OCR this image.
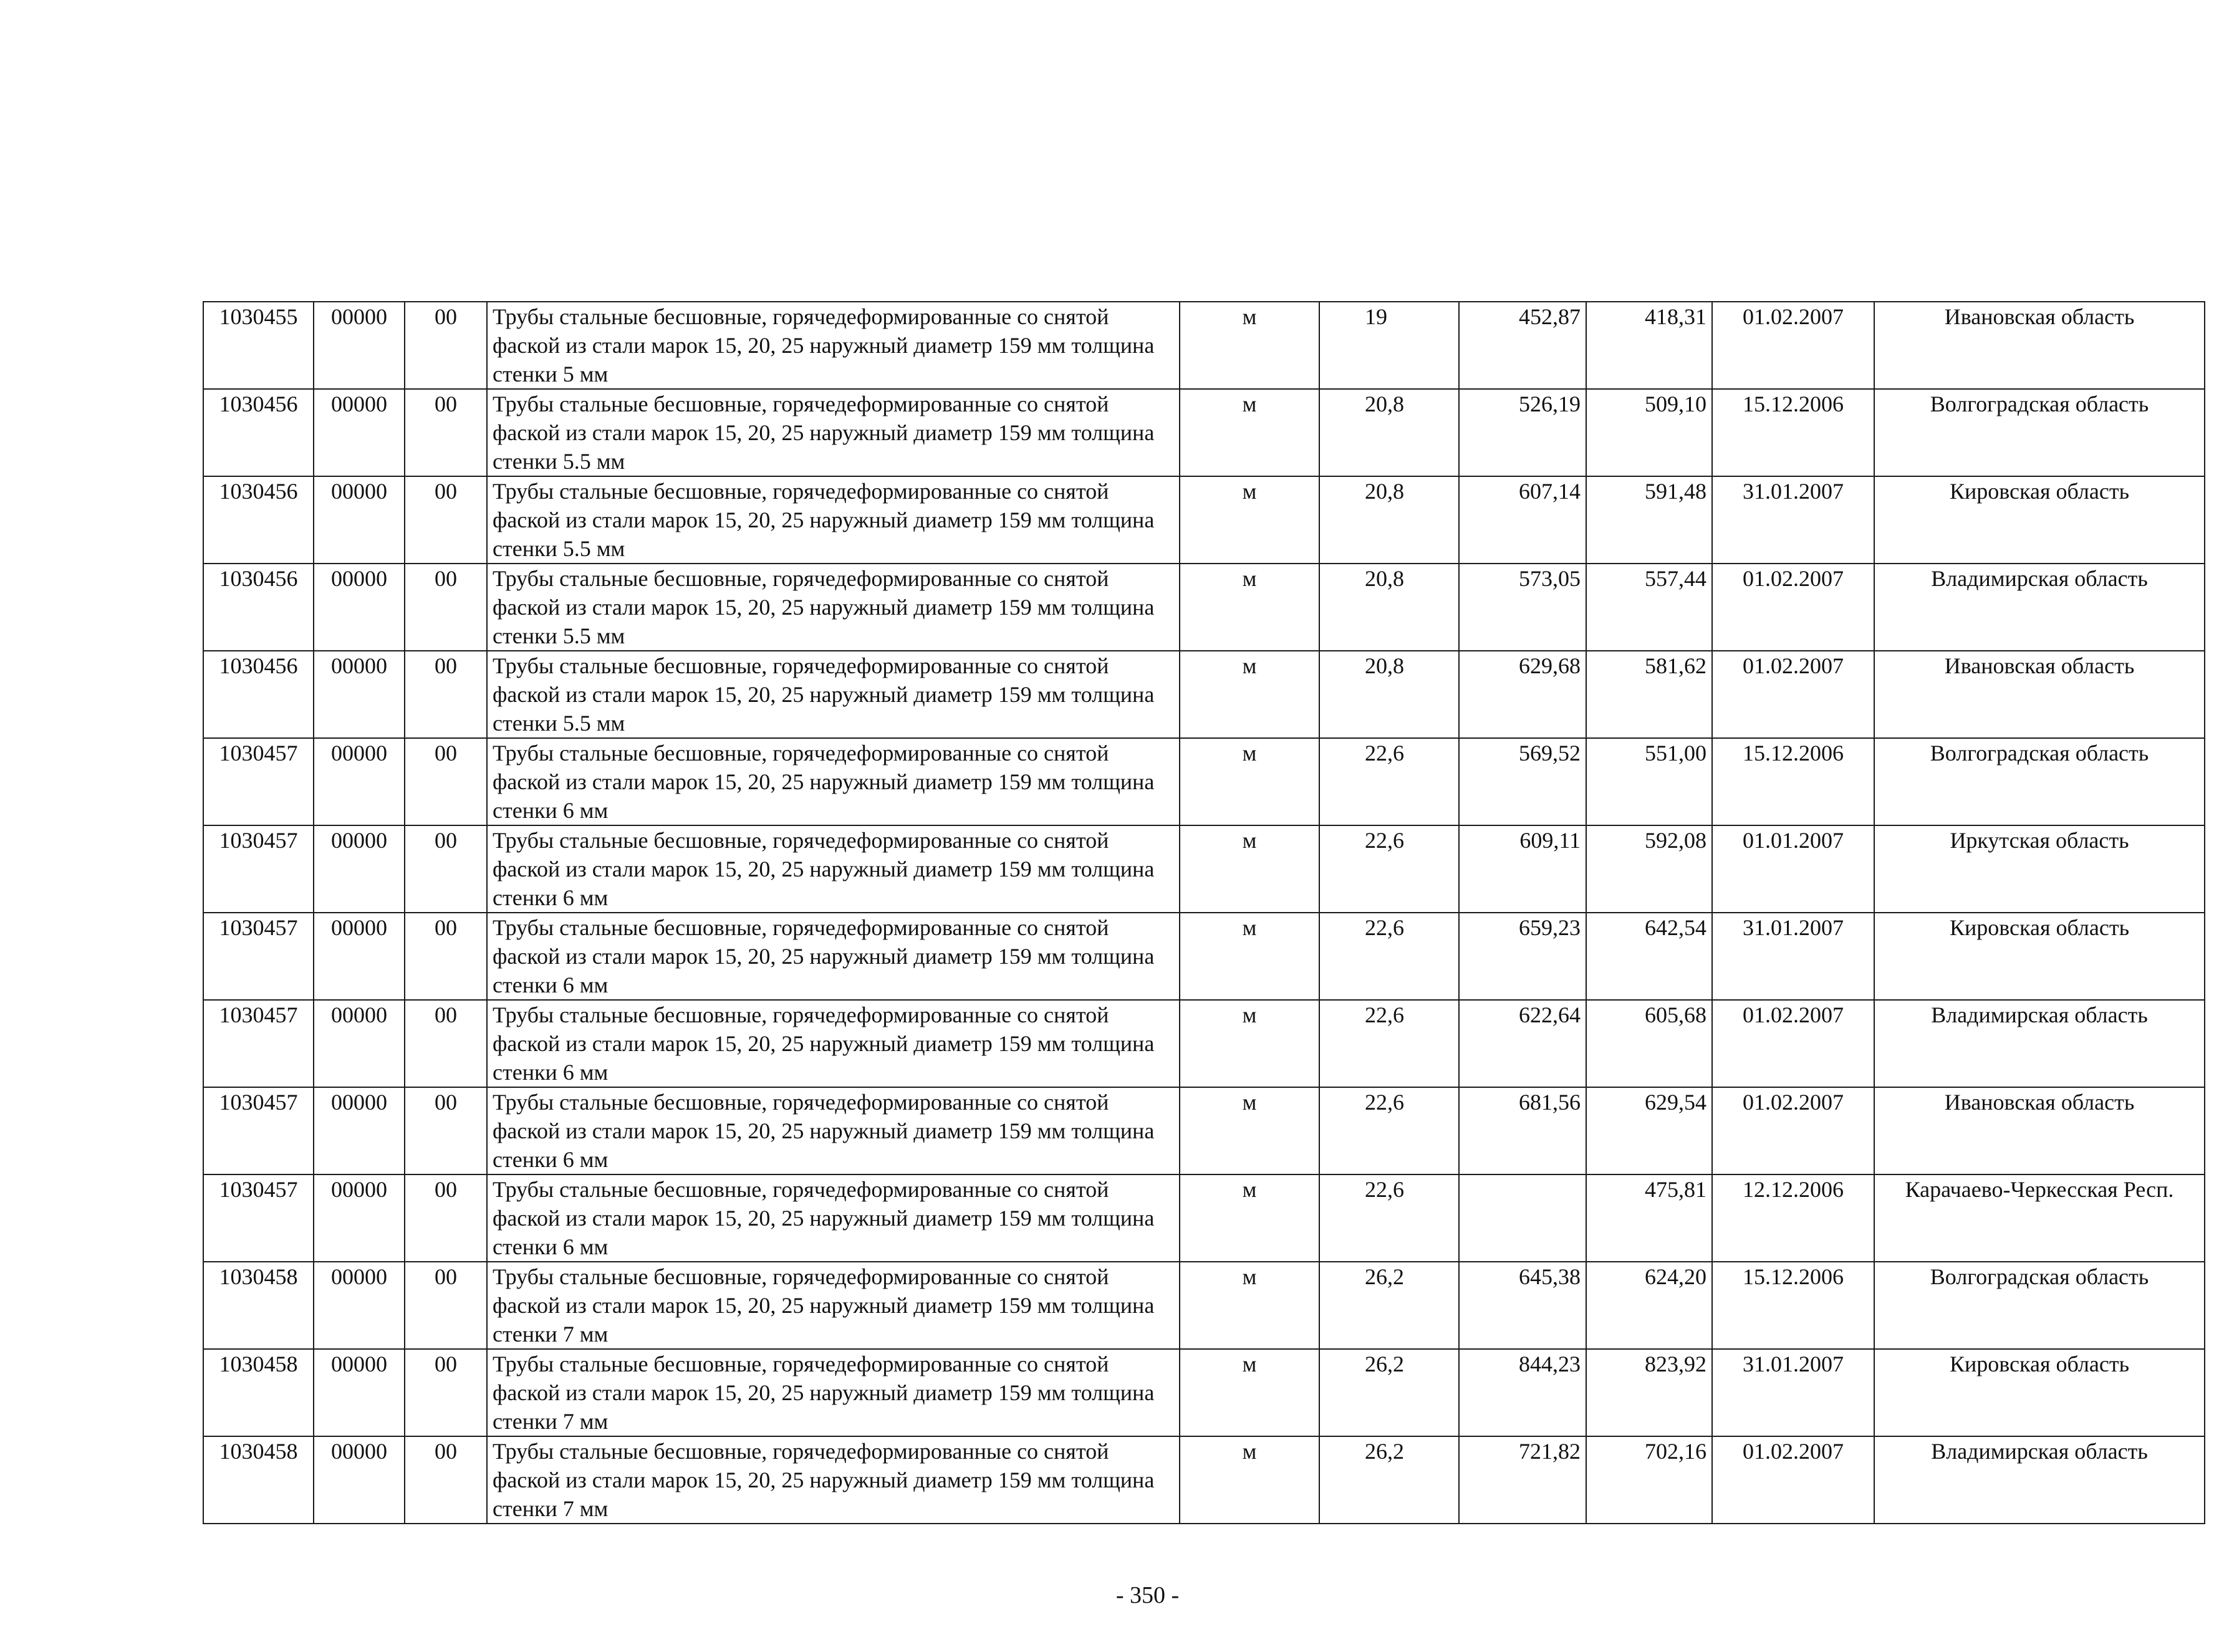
1030455	00000	00	Трубы стальные бесшовные, горячедеформированные со снятой фаской из стали марок 15, 20, 25 наружный диаметр 159 мм толщина стенки 5 мм	м	19	452,87	418,31	01.02.2007	Ивановская область
1030456	00000	00	Трубы стальные бесшовные, горячедеформированные со снятой фаской из стали марок 15, 20, 25 наружный диаметр 159 мм толщина стенки 5.5 мм	м	20,8	526,19	509,10	15.12.2006	Волгоградская область
1030456	00000	00	Трубы стальные бесшовные, горячедеформированные со снятой фаской из стали марок 15, 20, 25 наружный диаметр 159 мм толщина стенки 5.5 мм	м	20,8	607,14	591,48	31.01.2007	Кировская область
1030456	00000	00	Трубы стальные бесшовные, горячедеформированные со снятой фаской из стали марок 15, 20, 25 наружный диаметр 159 мм толщина стенки 5.5 мм	м	20,8	573,05	557,44	01.02.2007	Владимирская область
1030456	00000	00	Трубы стальные бесшовные, горячедеформированные со снятой фаской из стали марок 15, 20, 25 наружный диаметр 159 мм толщина стенки 5.5 мм	м	20,8	629,68	581,62	01.02.2007	Ивановская область
1030457	00000	00	Трубы стальные бесшовные, горячедеформированные со снятой фаской из стали марок 15, 20, 25 наружный диаметр 159 мм толщина стенки 6 мм	м	22,6	569,52	551,00	15.12.2006	Волгоградская область
1030457	00000	00	Трубы стальные бесшовные, горячедеформированные со снятой фаской из стали марок 15, 20, 25 наружный диаметр 159 мм толщина стенки 6 мм	м	22,6	609,11	592,08	01.01.2007	Иркутская область
1030457	00000	00	Трубы стальные бесшовные, горячедеформированные со снятой фаской из стали марок 15, 20, 25 наружный диаметр 159 мм толщина стенки 6 мм	м	22,6	659,23	642,54	31.01.2007	Кировская область
1030457	00000	00	Трубы стальные бесшовные, горячедеформированные со снятой фаской из стали марок 15, 20, 25 наружный диаметр 159 мм толщина стенки 6 мм	м	22,6	622,64	605,68	01.02.2007	Владимирская область
1030457	00000	00	Трубы стальные бесшовные, горячедеформированные со снятой фаской из стали марок 15, 20, 25 наружный диаметр 159 мм толщина стенки 6 мм	м	22,6	681,56	629,54	01.02.2007	Ивановская область
1030457	00000	00	Трубы стальные бесшовные, горячедеформированные со снятой фаской из стали марок 15, 20, 25 наружный диаметр 159 мм толщина стенки 6 мм	м	22,6		475,81	12.12.2006	Карачаево-Черкесская Респ.
1030458	00000	00	Трубы стальные бесшовные, горячедеформированные со снятой фаской из стали марок 15, 20, 25 наружный диаметр 159 мм толщина стенки 7 мм	м	26,2	645,38	624,20	15.12.2006	Волгоградская область
1030458	00000	00	Трубы стальные бесшовные, горячедеформированные со снятой фаской из стали марок 15, 20, 25 наружный диаметр 159 мм толщина стенки 7 мм	м	26,2	844,23	823,92	31.01.2007	Кировская область
1030458	00000	00	Трубы стальные бесшовные, горячедеформированные со снятой фаской из стали марок 15, 20, 25 наружный диаметр 159 мм толщина стенки 7 мм	м	26,2	721,82	702,16	01.02.2007	Владимирская область
- 350 -
